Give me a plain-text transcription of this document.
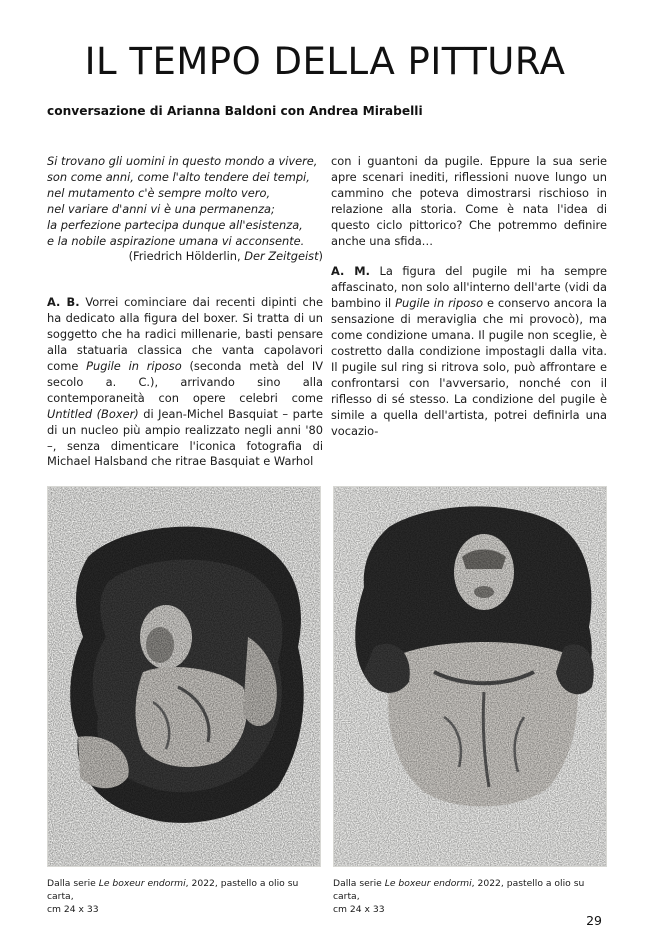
IL TEMPO DELLA PITTURA
conversazione di Arianna Baldoni con Andrea Mirabelli
Si trovano gli uomini in questo mondo a vivere,
son come anni, come l'alto tendere dei tempi,
nel mutamento c'è sempre molto vero,
nel variare d'anni vi è una permanenza;
la perfezione partecipa dunque all'esistenza,
e la nobile aspirazione umana vi acconsente.
(Friedrich Hölderlin, Der Zeitgeist)

A. B. Vorrei cominciare dai recenti dipinti che ha dedicato alla figura del boxer. Si tratta di un soggetto che ha radici millenarie, basti pensare alla statuaria classica che vanta capolavori come Pugile in riposo (seconda metà del IV secolo a. C.), arrivando sino alla contemporaneità con opere celebri come Untitled (Boxer) di Jean-Michel Basquiat – parte di un nucleo più ampio realizzato negli anni '80 –, senza dimenticare l'iconica fotografia di Michael Halsband che ritrae Basquiat e Warhol

con i guantoni da pugile. Eppure la sua serie apre scenari inediti, riflessioni nuove lungo un cammino che poteva dimostrarsi rischioso in relazione alla storia. Come è nata l'idea di questo ciclo pittorico? Che potremmo definire anche una sfida…

A. M. La figura del pugile mi ha sempre affascinato, non solo all'interno dell'arte (vidi da bambino il Pugile in riposo e conservo ancora la sensazione di meraviglia che mi provocò), ma come condizione umana. Il pugile non sceglie, è costretto dalla condizione impostagli dalla vita. Il pugile sul ring si ritrova solo, può affrontare e confrontarsi con l'avversario, nonché con il riflesso di sé stesso. La condizione del pugile è simile a quella dell'artista, potrei definirla una vocazio-

Dalla serie Le boxeur endormi, 2022, pastello a olio su carta,
cm 24 x 33
Dalla serie Le boxeur endormi, 2022, pastello a olio su carta,
cm 24 x 33
29
